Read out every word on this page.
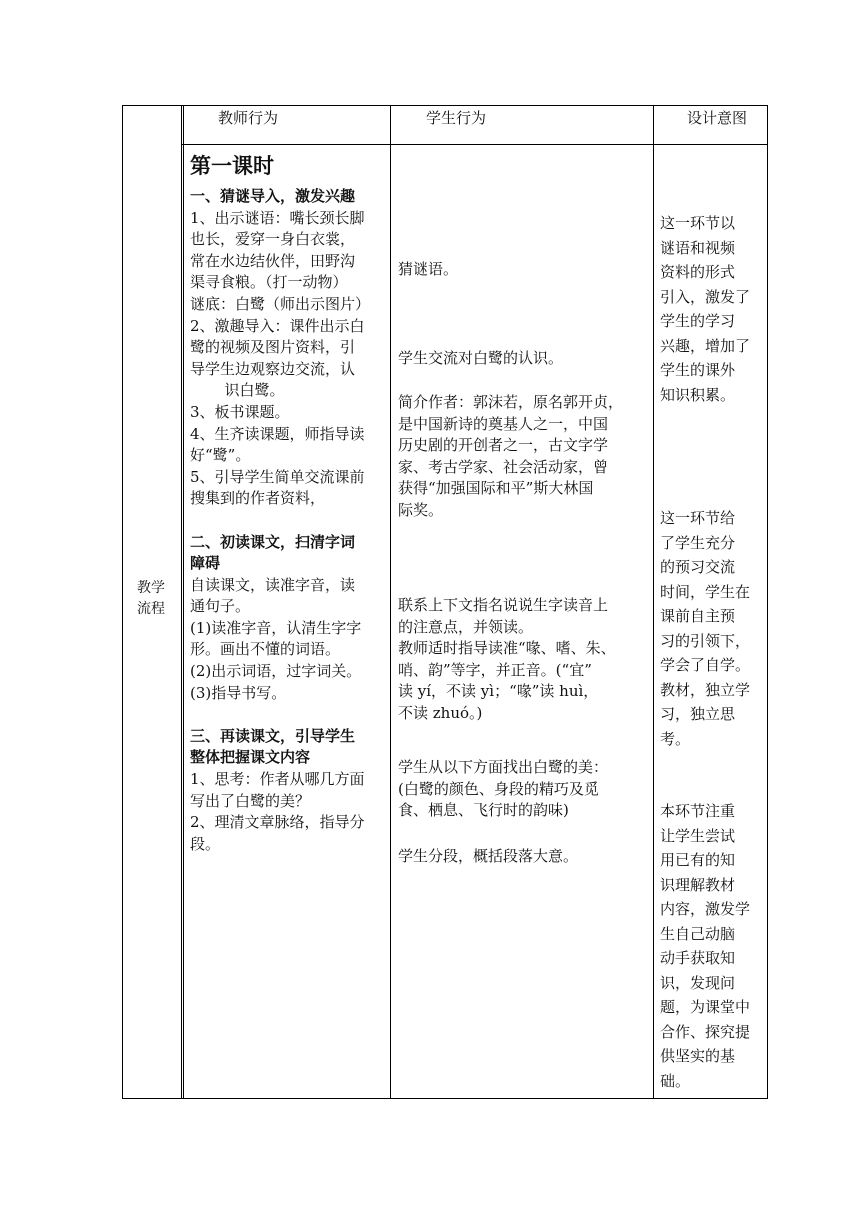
教师行为	学生行为	设计意图
教学
流程
第一课时
一、猜谜导入，激发兴趣
1、出示谜语：嘴长颈长脚
也长，爱穿一身白衣裳，
常在水边结伙伴，田野沟
渠寻食粮。（打一动物）
谜底：白鹭（师出示图片）
2、激趣导入：课件出示白
鹭的视频及图片资料，引
导学生边观察边交流，认
识白鹭。
3、板书课题。
4、生齐读课题，师指导读
好“鹭”。
5、引导学生简单交流课前
搜集到的作者资料，
二、初读课文，扫清字词
障碍
自读课文，读准字音，读
通句子。
(1)读准字音，认清生字字
形。画出不懂的词语。
(2)出示词语，过字词关。
(3)指导书写。
三、再读课文，引导学生
整体把握课文内容
1、思考：作者从哪几方面
写出了白鹭的美？
2、理清文章脉络，指导分
段。
猜谜语。
学生交流对白鹭的认识。
简介作者：郭沫若，原名郭开贞，
是中国新诗的奠基人之一，中国
历史剧的开创者之一，古文字学
家、考古学家、社会活动家，曾
获得“加强国际和平”斯大林国
际奖。
联系上下文指名说说生字读音上
的注意点，并领读。
教师适时指导读准“喙、嗜、朱、
哨、韵”等字，并正音。(“宜”
读 yí，不读 yì；“喙”读 huì，
不读 zhuó。)
学生从以下方面找出白鹭的美：
(白鹭的颜色、身段的精巧及觅
食、栖息、飞行时的韵味)
学生分段，概括段落大意。
这一环节以
谜语和视频
资料的形式
引入，激发了
学生的学习
兴趣，增加了
学生的课外
知识积累。
这一环节给
了学生充分
的预习交流
时间，学生在
课前自主预
习的引领下，
学会了自学。
教材，独立学
习，独立思
考。
本环节注重
让学生尝试
用已有的知
识理解教材
内容，激发学
生自己动脑
动手获取知
识，发现问
题，为课堂中
合作、探究提
供坚实的基
础。
